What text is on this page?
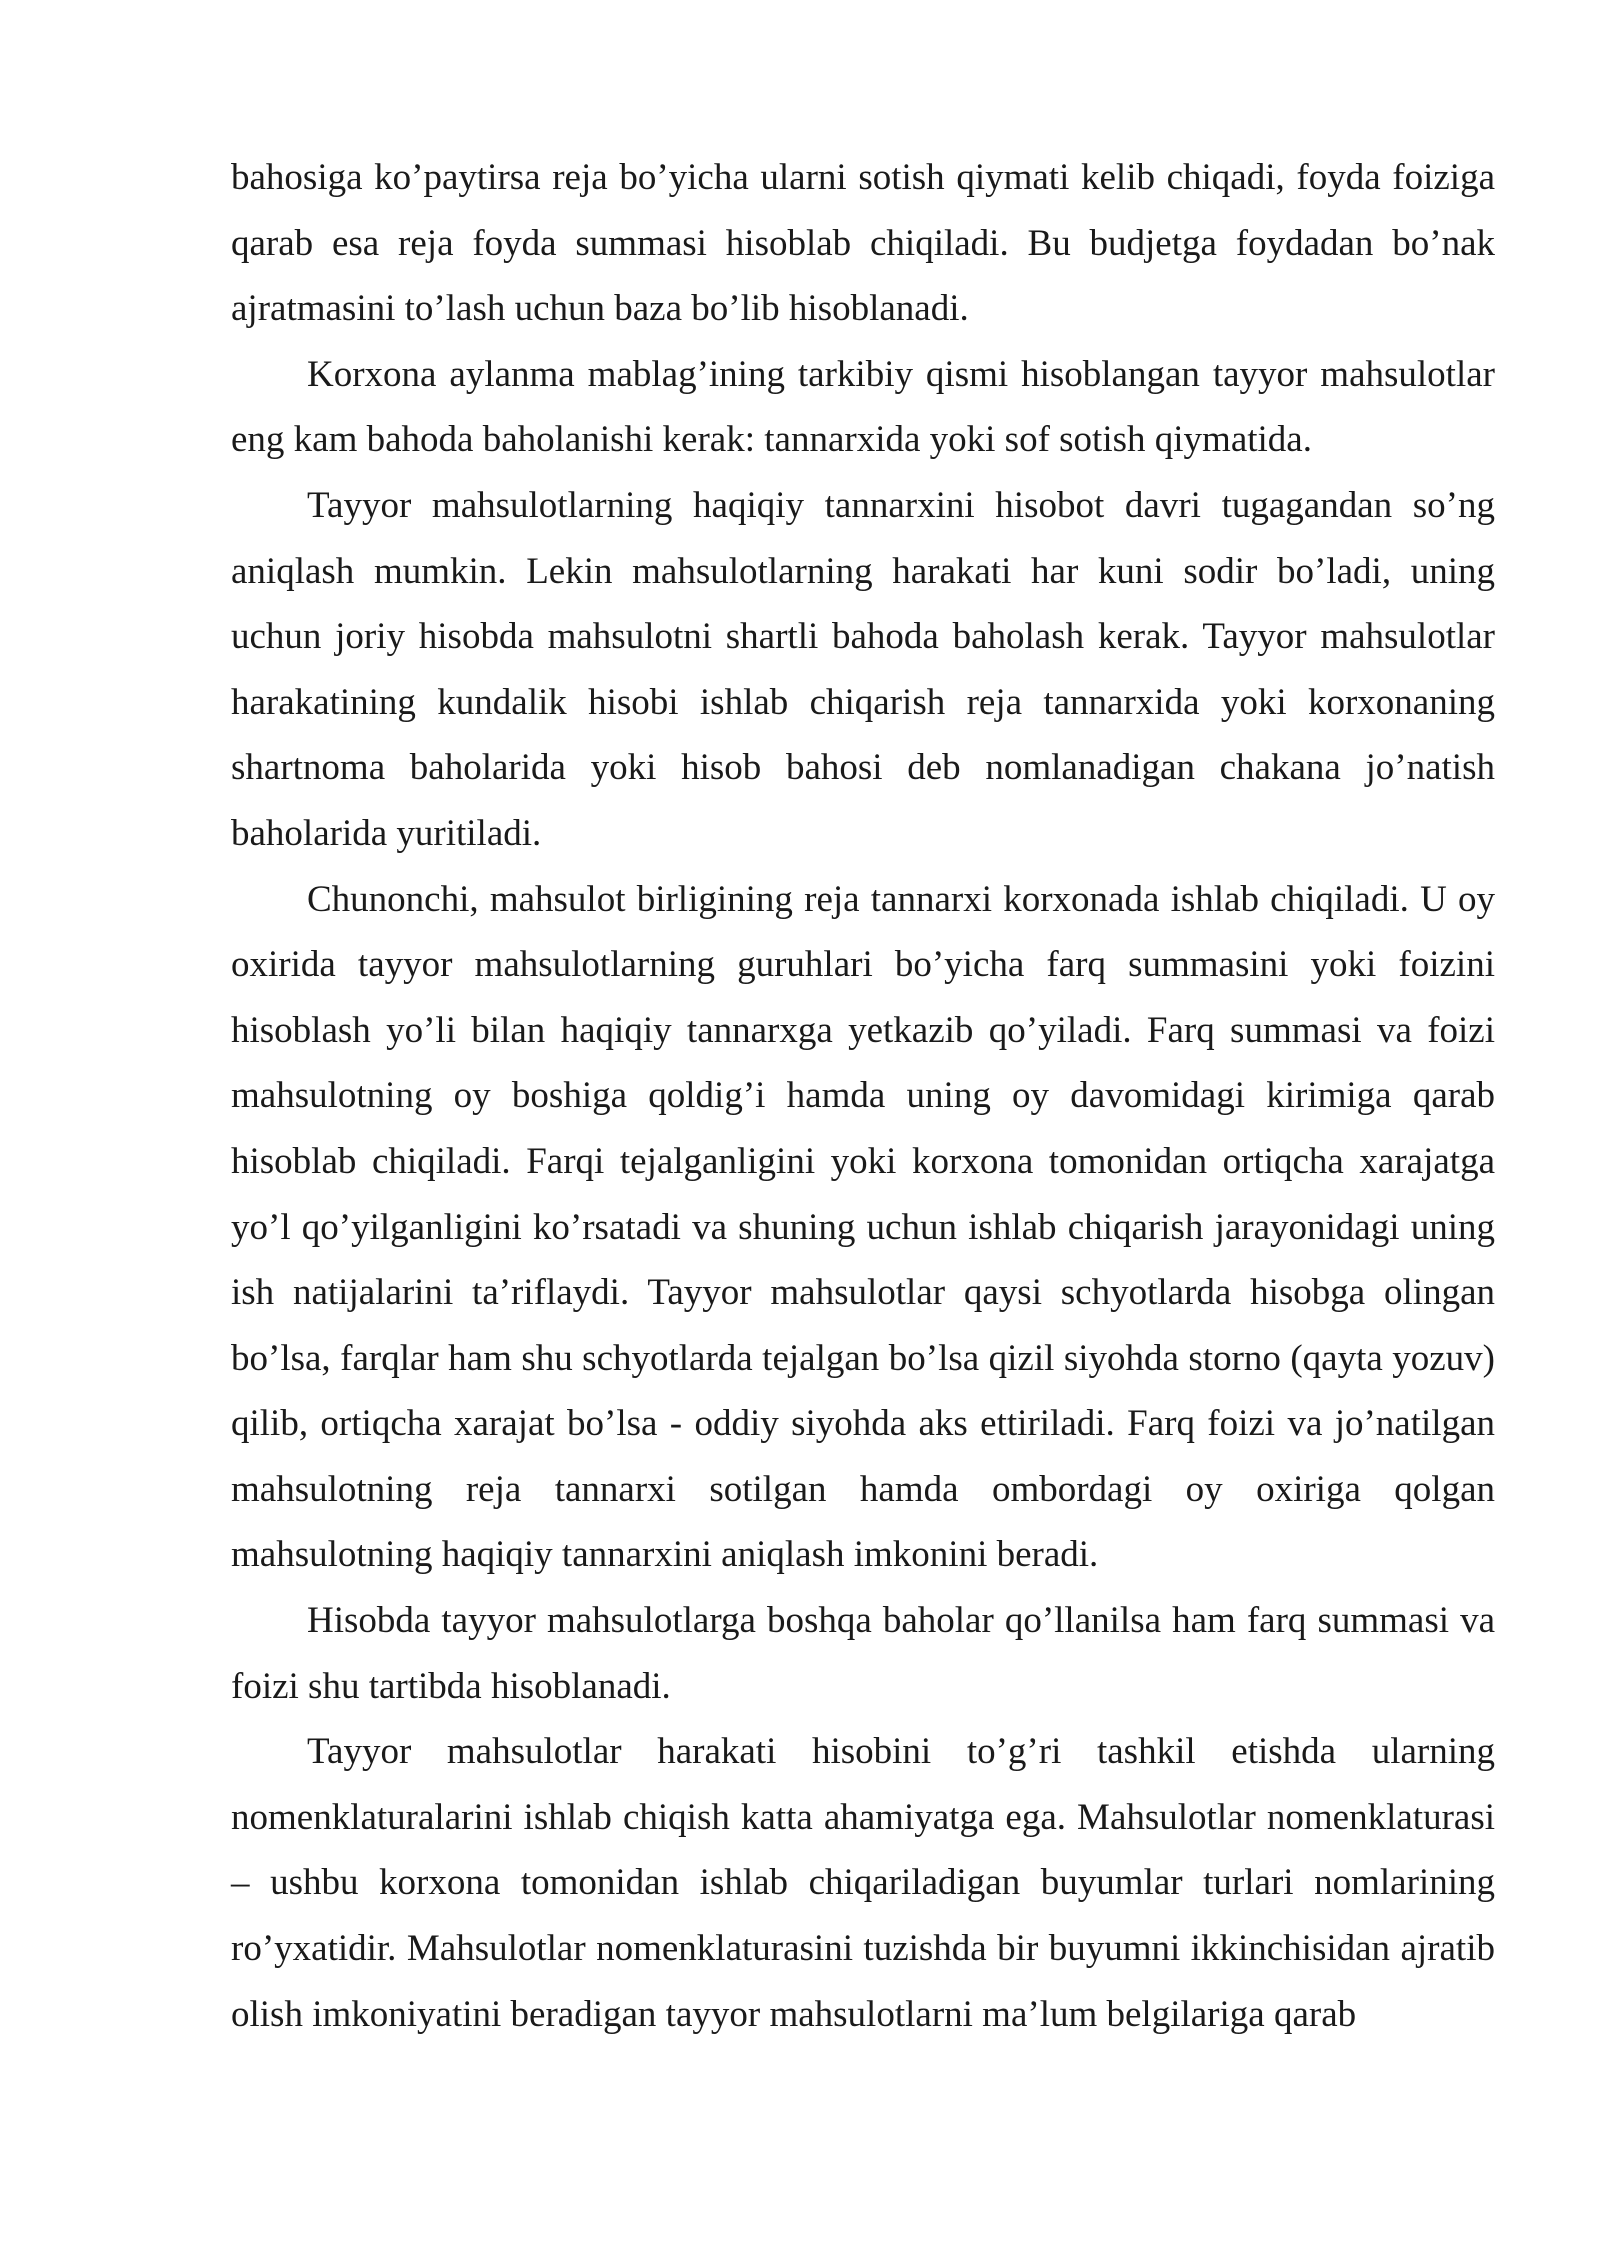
bahosiga ko’paytirsa reja bo’yicha ularni sotish qiymati kelib chiqadi, foyda foiziga qarab esa reja foyda summasi hisoblab chiqiladi. Bu budjetga foydadan bo’nak ajratmasini to’lash uchun baza bo’lib hisoblanadi.

Korxona aylanma mablag’ining tarkibiy qismi hisoblangan tayyor mahsulotlar eng kam bahoda baholanishi kerak: tannarxida yoki sof sotish qiymatida.

Tayyor mahsulotlarning haqiqiy tannarxini hisobot davri tugagandan so’ng aniqlash mumkin. Lekin mahsulotlarning harakati har kuni sodir bo’ladi, uning uchun joriy hisobda mahsulotni shartli bahoda baholash kerak. Tayyor mahsulotlar harakatining kundalik hisobi ishlab chiqarish reja tannarxida yoki korxonaning shartnoma baholarida yoki hisob bahosi deb nomlanadigan chakana jo’natish baholarida yuritiladi.

Chunonchi, mahsulot birligining reja tannarxi korxonada ishlab chiqiladi. U oy oxirida tayyor mahsulotlarning guruhlari bo’yicha farq summasini yoki foizini hisoblash yo’li bilan haqiqiy tannarxga yetkazib qo’yiladi. Farq summasi va foizi mahsulotning oy boshiga qoldig’i hamda uning oy davomidagi kirimiga qarab hisoblab chiqiladi. Farqi tejalganligini yoki korxona tomonidan ortiqcha xarajatga yo’l qo’yilganligini ko’rsatadi va shuning uchun ishlab chiqarish jarayonidagi uning ish natijalarini ta’riflaydi. Tayyor mahsulotlar qaysi schyotlarda hisobga olingan bo’lsa, farqlar ham shu schyotlarda tejalgan bo’lsa qizil siyohda storno (qayta yozuv) qilib, ortiqcha xarajat bo’lsa - oddiy siyohda aks ettiriladi. Farq foizi va jo’natilgan mahsulotning reja tannarxi sotilgan hamda ombordagi oy oxiriga qolgan mahsulotning haqiqiy tannarxini aniqlash imkonini beradi.

Hisobda tayyor mahsulotlarga boshqa baholar qo’llanilsa ham farq summasi va foizi shu tartibda hisoblanadi.

Tayyor mahsulotlar harakati hisobini to’g’ri tashkil etishda ularning nomenklaturalarini ishlab chiqish katta ahamiyatga ega. Mahsulotlar nomenklaturasi – ushbu korxona tomonidan ishlab chiqariladigan buyumlar turlari nomlarining ro’yxatidir. Mahsulotlar nomenklaturasini tuzishda bir buyumni ikkinchisidan ajratib olish imkoniyatini beradigan tayyor mahsulotlarni ma’lum belgilariga qarab
